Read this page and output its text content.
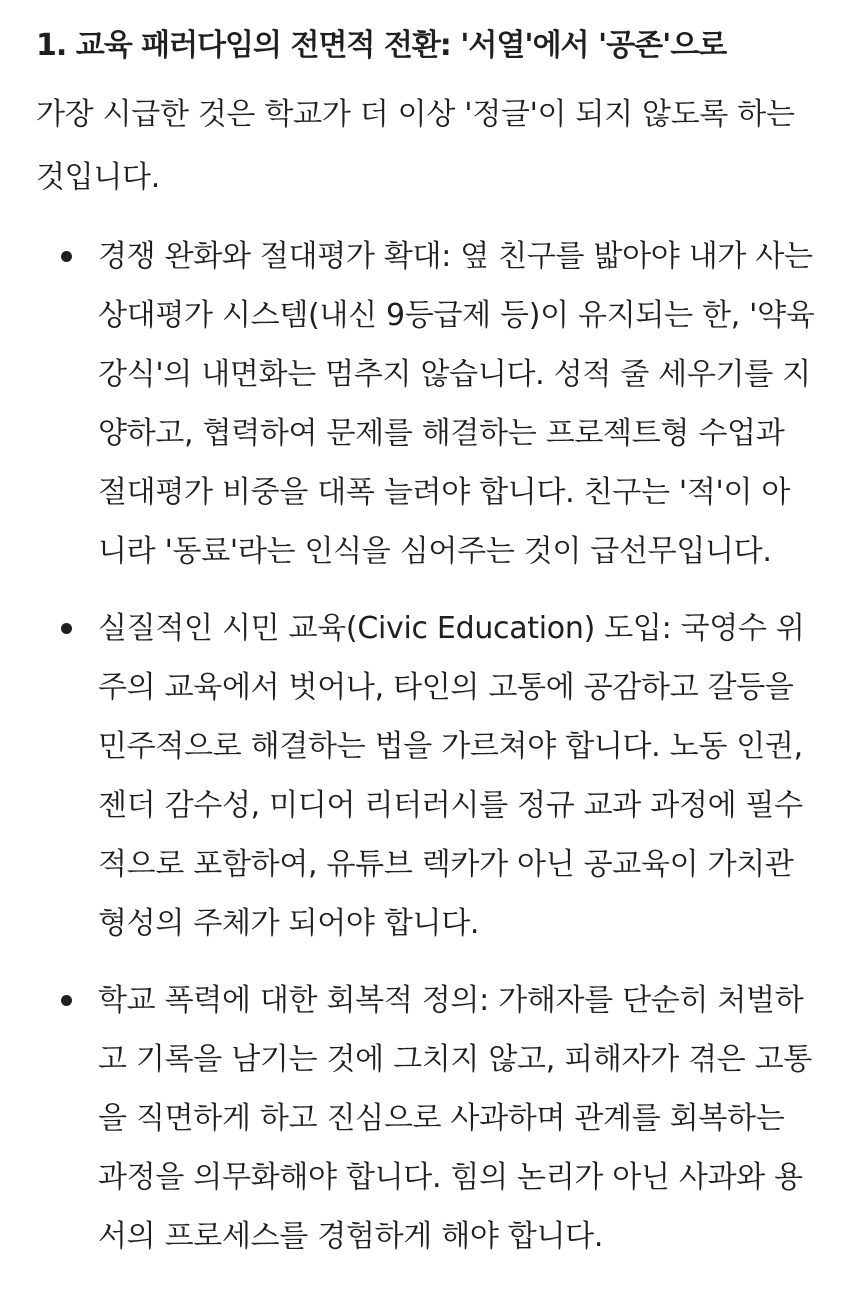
1. 교육 패러다임의 전면적 전환: '서열'에서 '공존'으로

가장 시급한 것은 학교가 더 이상 '정글'이 되지 않도록 하는 것입니다.

경쟁 완화와 절대평가 확대: 옆 친구를 밟아야 내가 사는 상대평가 시스템(내신 9등급제 등)이 유지되는 한, '약육강식'의 내면화는 멈추지 않습니다. 성적 줄 세우기를 지양하고, 협력하여 문제를 해결하는 프로젝트형 수업과 절대평가 비중을 대폭 늘려야 합니다. 친구는 '적'이 아니라 '동료'라는 인식을 심어주는 것이 급선무입니다.

실질적인 시민 교육(Civic Education) 도입: 국영수 위주의 교육에서 벗어나, 타인의 고통에 공감하고 갈등을 민주적으로 해결하는 법을 가르쳐야 합니다. 노동 인권, 젠더 감수성, 미디어 리터러시를 정규 교과 과정에 필수적으로 포함하여, 유튜브 렉카가 아닌 공교육이 가치관 형성의 주체가 되어야 합니다.

학교 폭력에 대한 회복적 정의: 가해자를 단순히 처벌하고 기록을 남기는 것에 그치지 않고, 피해자가 겪은 고통을 직면하게 하고 진심으로 사과하며 관계를 회복하는 과정을 의무화해야 합니다. 힘의 논리가 아닌 사과와 용서의 프로세스를 경험하게 해야 합니다.
